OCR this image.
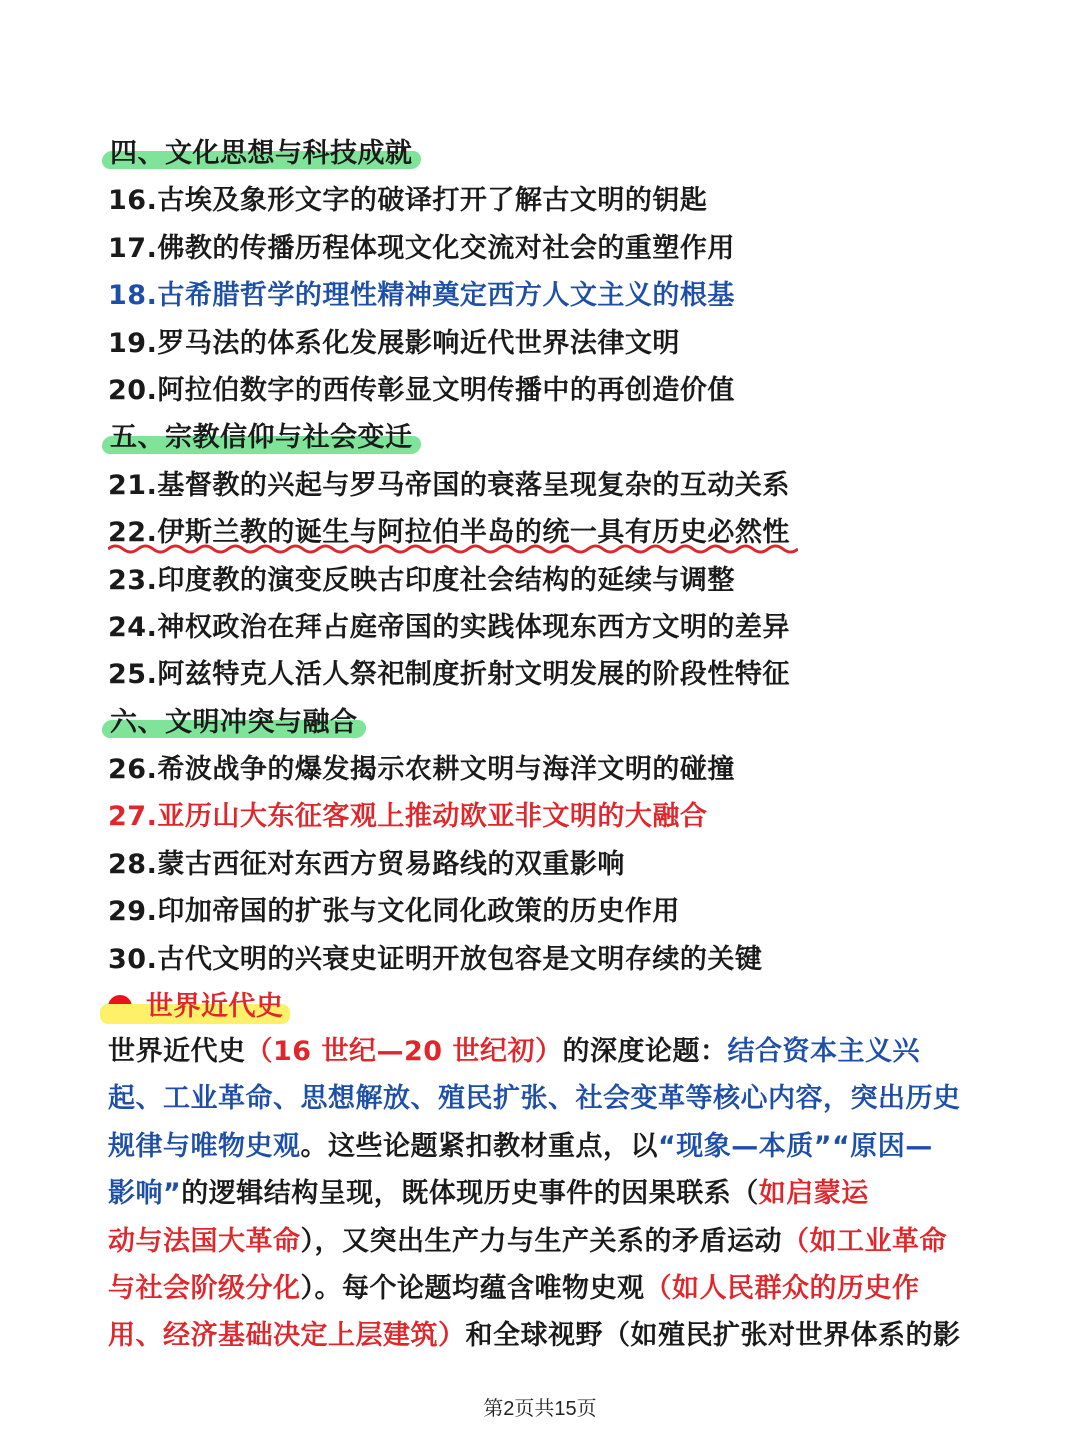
四、文化思想与科技成就
16.古埃及象形文字的破译打开了解古文明的钥匙
17.佛教的传播历程体现文化交流对社会的重塑作用
18.古希腊哲学的理性精神奠定西方人文主义的根基
19.罗马法的体系化发展影响近代世界法律文明
20.阿拉伯数字的西传彰显文明传播中的再创造价值
五、宗教信仰与社会变迁
21.基督教的兴起与罗马帝国的衰落呈现复杂的互动关系
22.伊斯兰教的诞生与阿拉伯半岛的统一具有历史必然性
23.印度教的演变反映古印度社会结构的延续与调整
24.神权政治在拜占庭帝国的实践体现东西方文明的差异
25.阿兹特克人活人祭祀制度折射文明发展的阶段性特征
六、文明冲突与融合
26.希波战争的爆发揭示农耕文明与海洋文明的碰撞
27.亚历山大东征客观上推动欧亚非文明的大融合
28.蒙古西征对东西方贸易路线的双重影响
29.印加帝国的扩张与文化同化政策的历史作用
30.古代文明的兴衰史证明开放包容是文明存续的关键
世界近代史
世界近代史（16 世纪—20 世纪初）的深度论题：结合资本主义兴
起、工业革命、思想解放、殖民扩张、社会变革等核心内容，突出历史
规律与唯物史观。这些论题紧扣教材重点，以“现象—本质”“原因—
影响”的逻辑结构呈现，既体现历史事件的因果联系（如启蒙运
动与法国大革命），又突出生产力与生产关系的矛盾运动（如工业革命
与社会阶级分化）。每个论题均蕴含唯物史观（如人民群众的历史作
用、经济基础决定上层建筑）和全球视野（如殖民扩张对世界体系的影
第2页共15页
